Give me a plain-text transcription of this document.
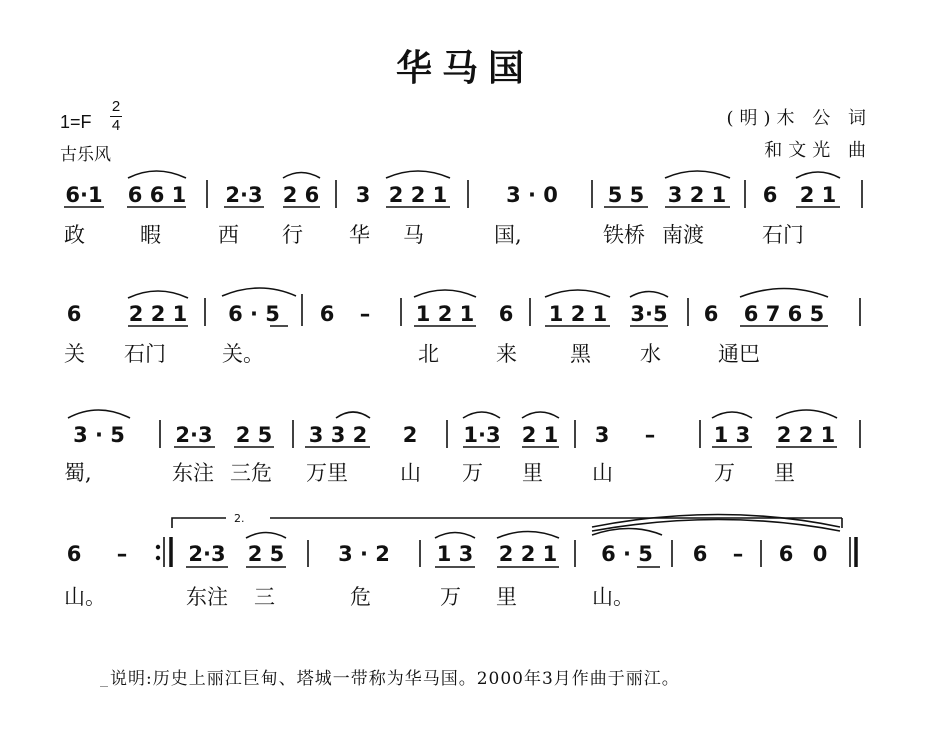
华马国
1=F
2
4
古乐风
(明)木 公 词
和文光 曲
6·1 6 6 1 2·3 2 6 3 2 2 1	3 · 0 5 5 3 2 1 6 2 1
6 2 2 1 6 · 5 6 – 1 2 1 6 1 2 1 3·5 6 6 7 6 5
3 · 5 2·3 2 5 3 3 2 2 1·3 2 1 3 –	1 3 2 2 1
6 –	2·3 2 5	3 · 2 1 3 2 2 1 6 · 5 6 – 6 0
2.
政	暇	西 行 华 马	国,	铁桥 南渡	石门
关 石门	关。	北	来	黑 水	通巴
蜀,	东注 三危 万里 山 万 里 山	万 里
山。	东注 三	危	万 里	山。
说明:历史上丽江巨甸、塔城一带称为华马国。2000年3月作曲于丽江。
